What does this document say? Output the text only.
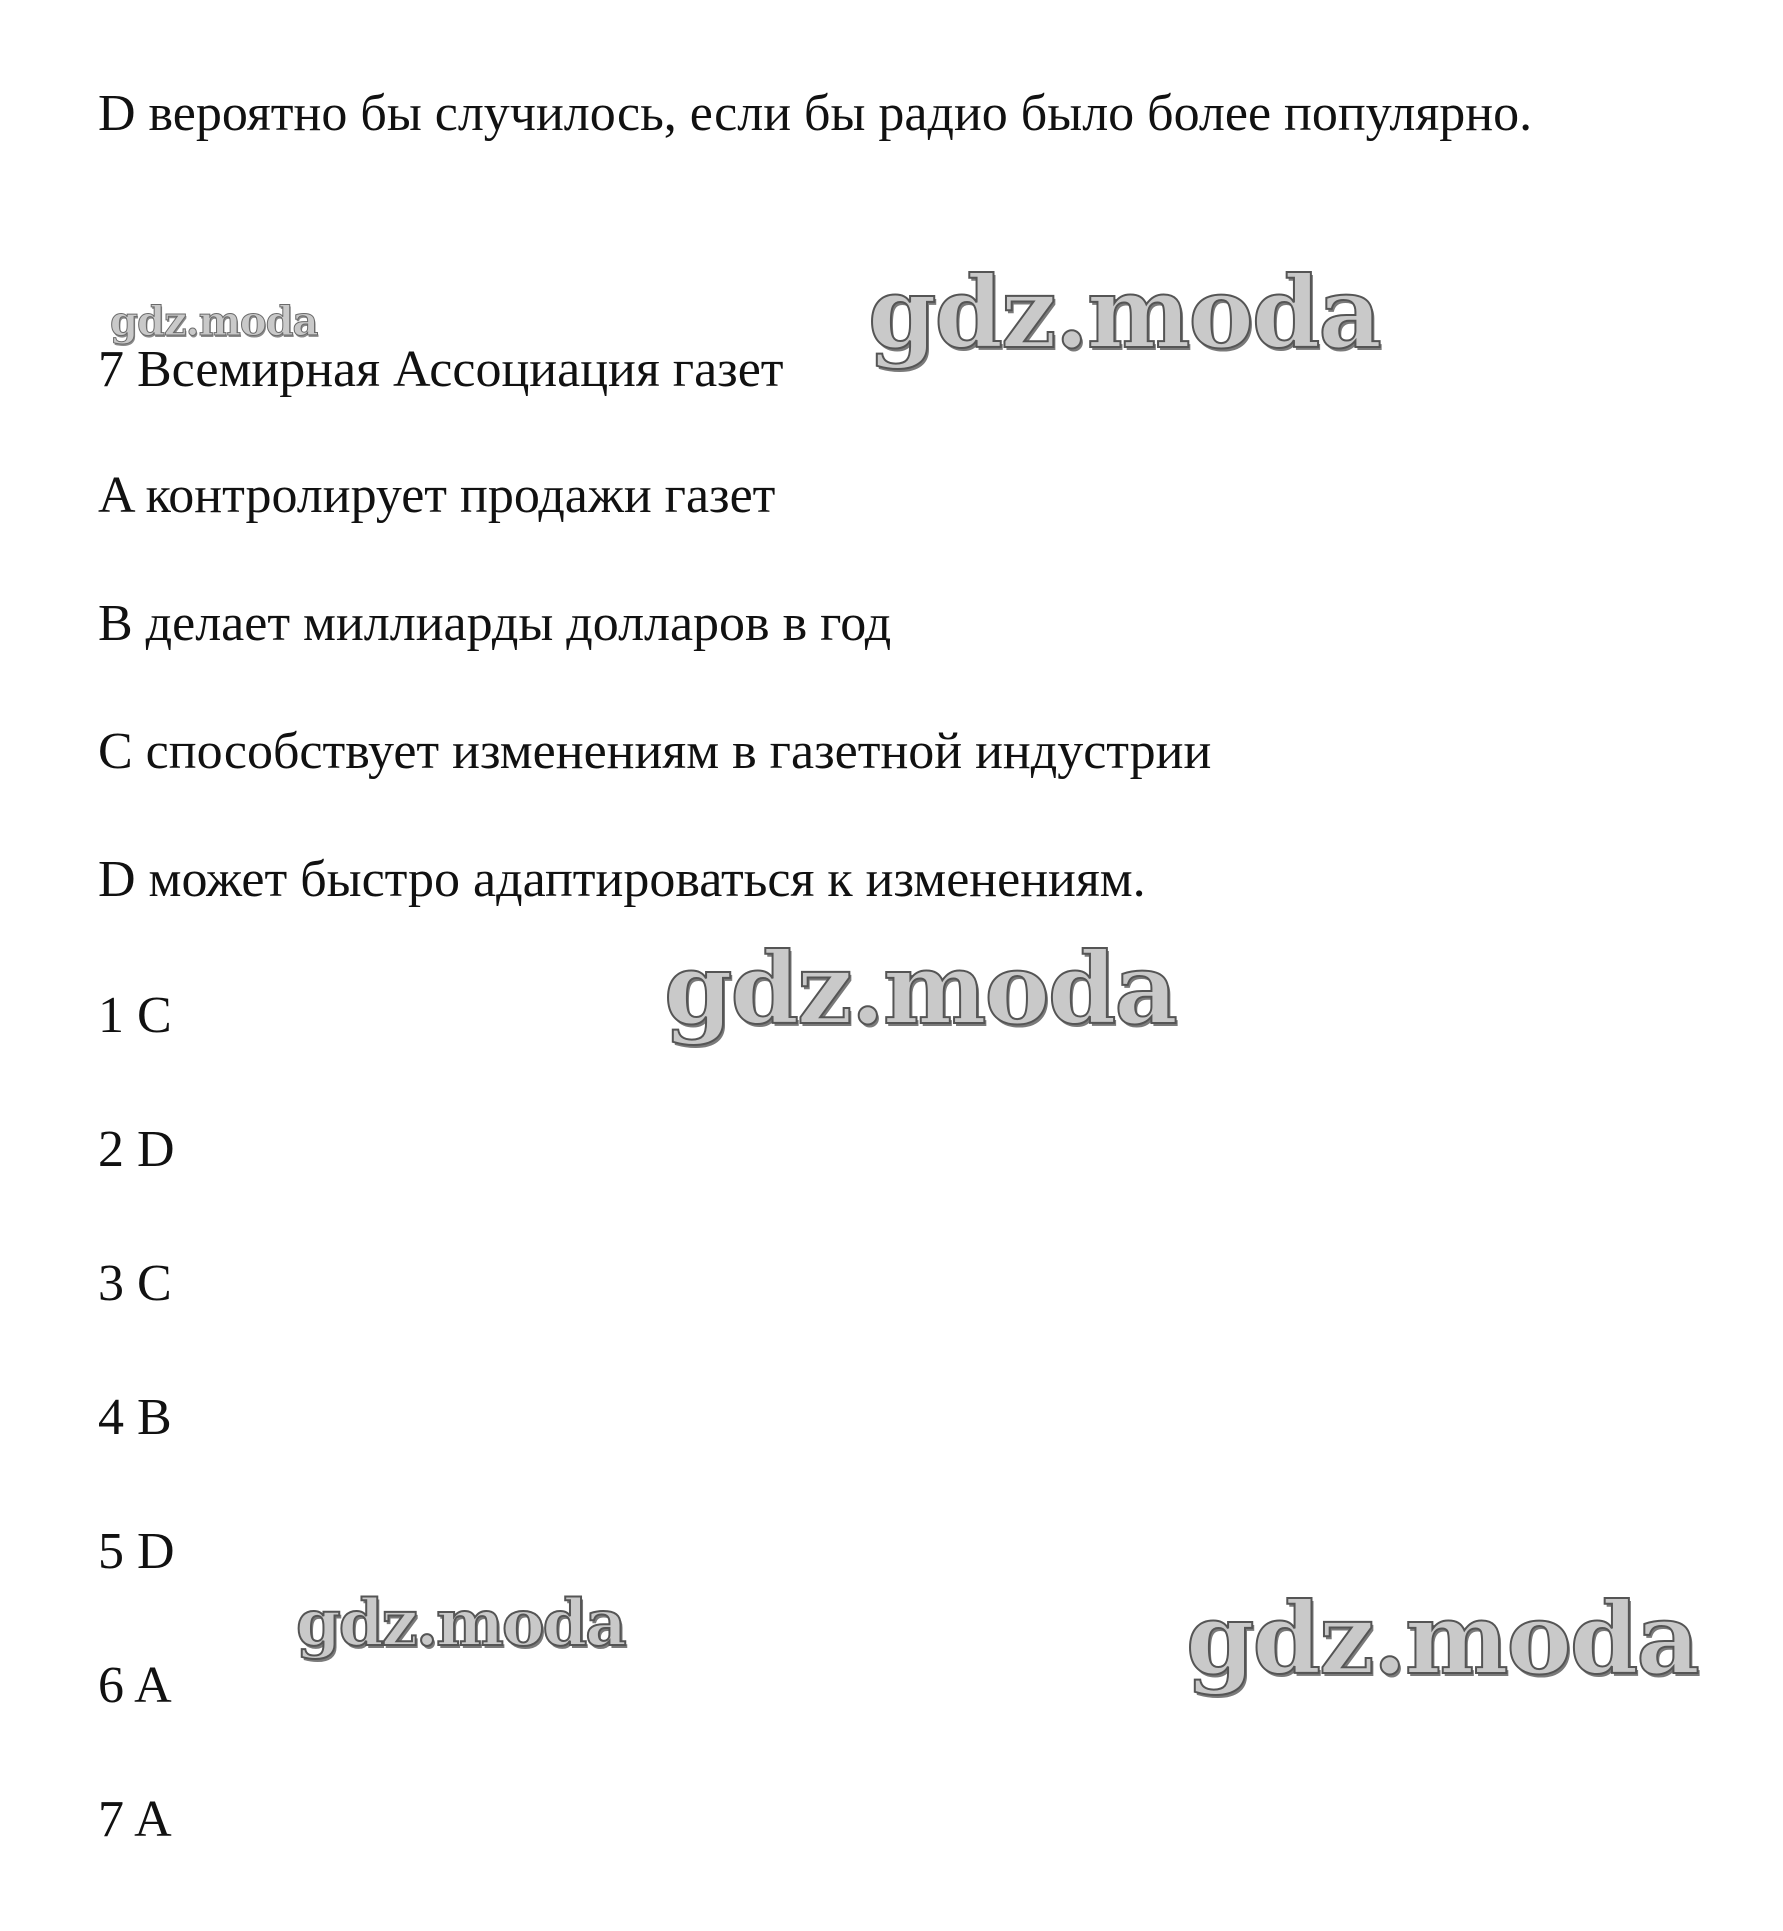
D вероятно бы случилось, если бы радио было более популярно.

7 Всемирная Ассоциация газет

A контролирует продажи газет

B делает миллиарды долларов в год

C способствует изменениям в газетной индустрии

D может быстро адаптироваться к изменениям.

1 C

2 D

3 C

4 B

5 D

6 A

7 A

gdz.moda	gdz.moda
gdz.moda
gdz.moda	gdz.moda
